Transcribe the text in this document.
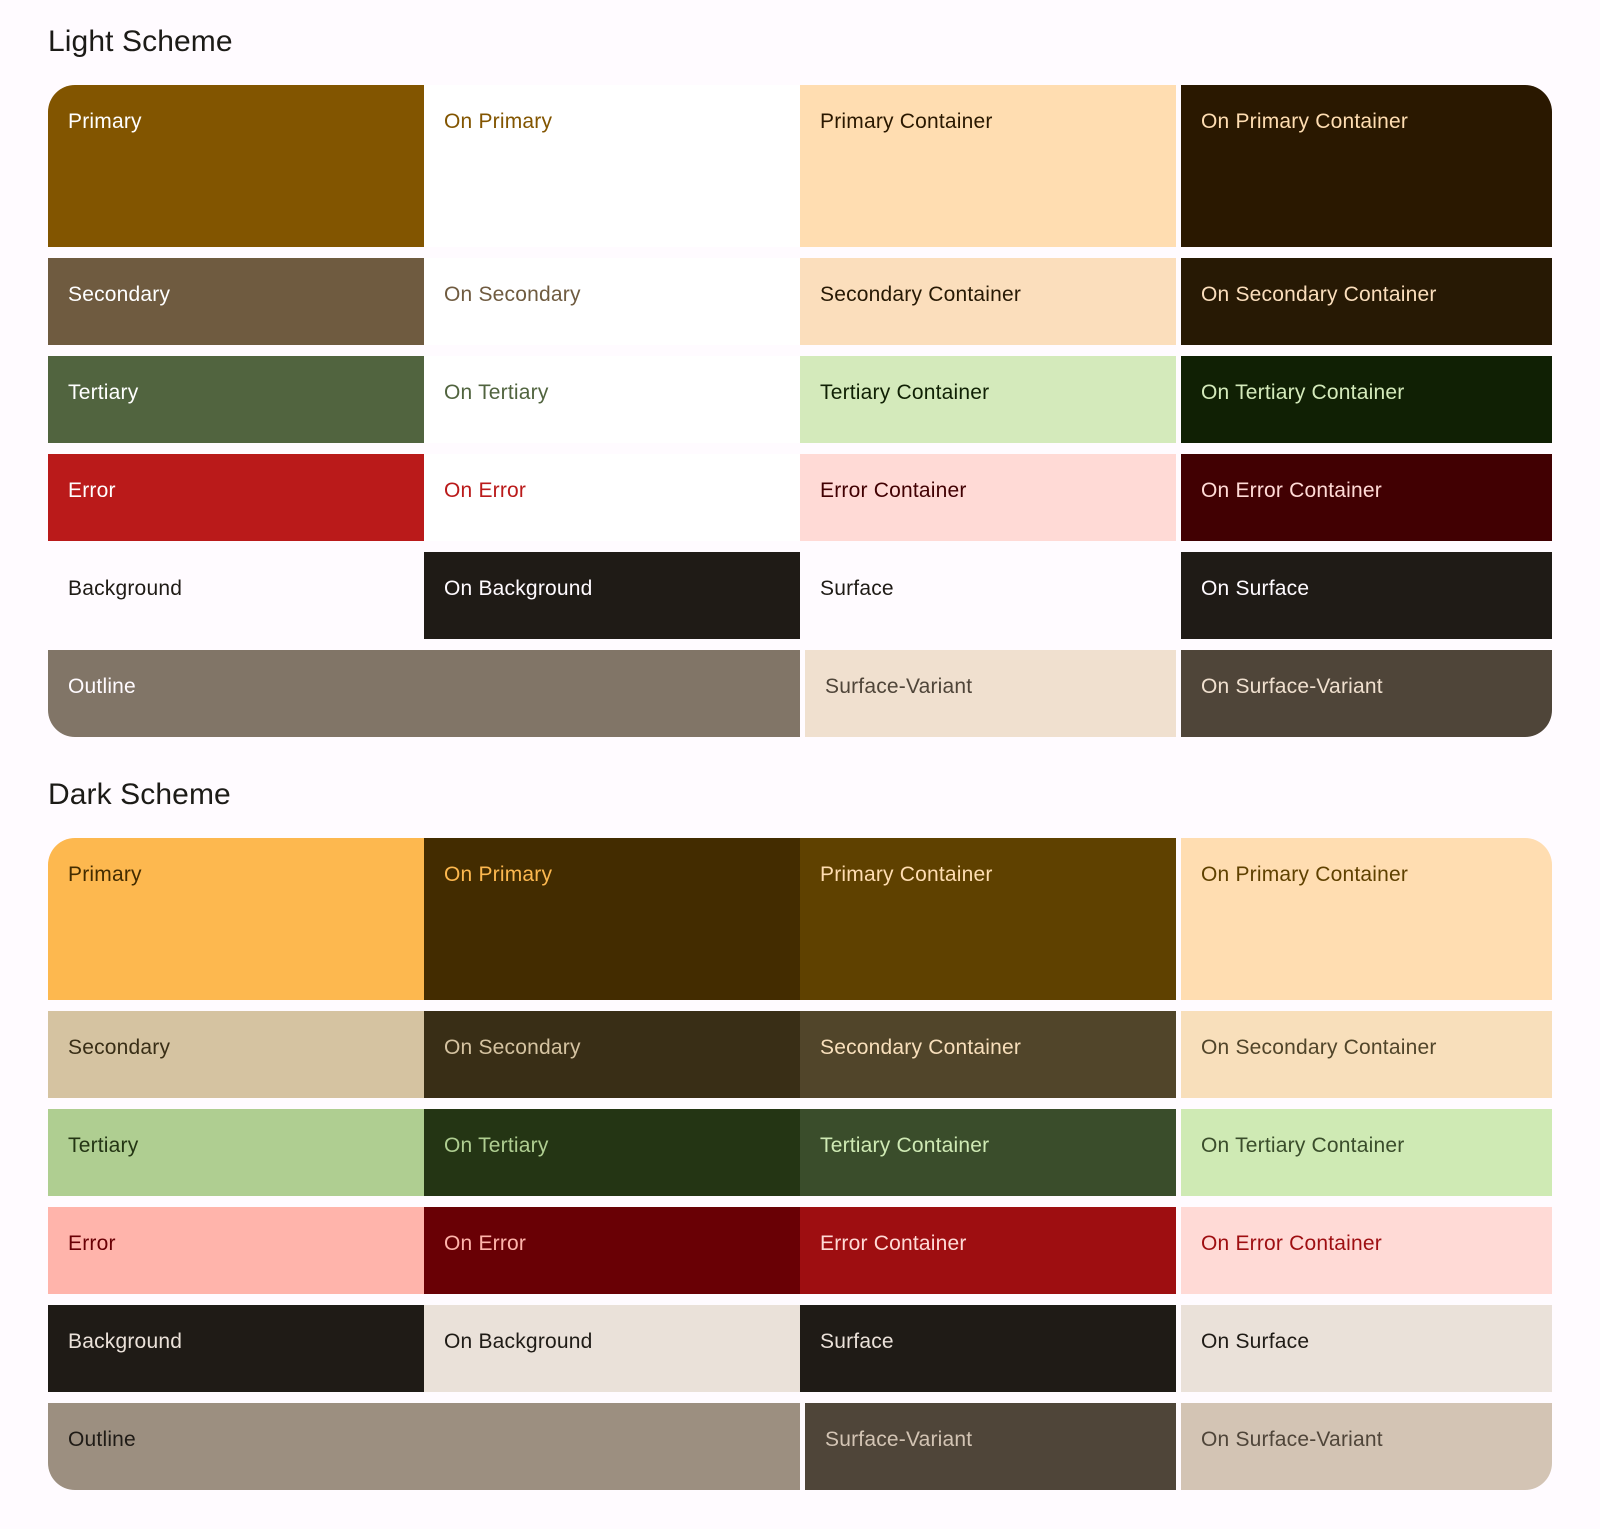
Light Scheme
Primary	On Primary	Primary Container	On Primary Container
Secondary	On Secondary	Secondary Container	On Secondary Container
Tertiary	On Tertiary	Tertiary Container	On Tertiary Container
Error	On Error	Error Container	On Error Container
Background	On Background	Surface	On Surface
Outline	Surface-Variant	On Surface-Variant
Dark Scheme
Primary	On Primary	Primary Container	On Primary Container
Secondary	On Secondary	Secondary Container	On Secondary Container
Tertiary	On Tertiary	Tertiary Container	On Tertiary Container
Error	On Error	Error Container	On Error Container
Background	On Background	Surface	On Surface
Outline	Surface-Variant	On Surface-Variant
